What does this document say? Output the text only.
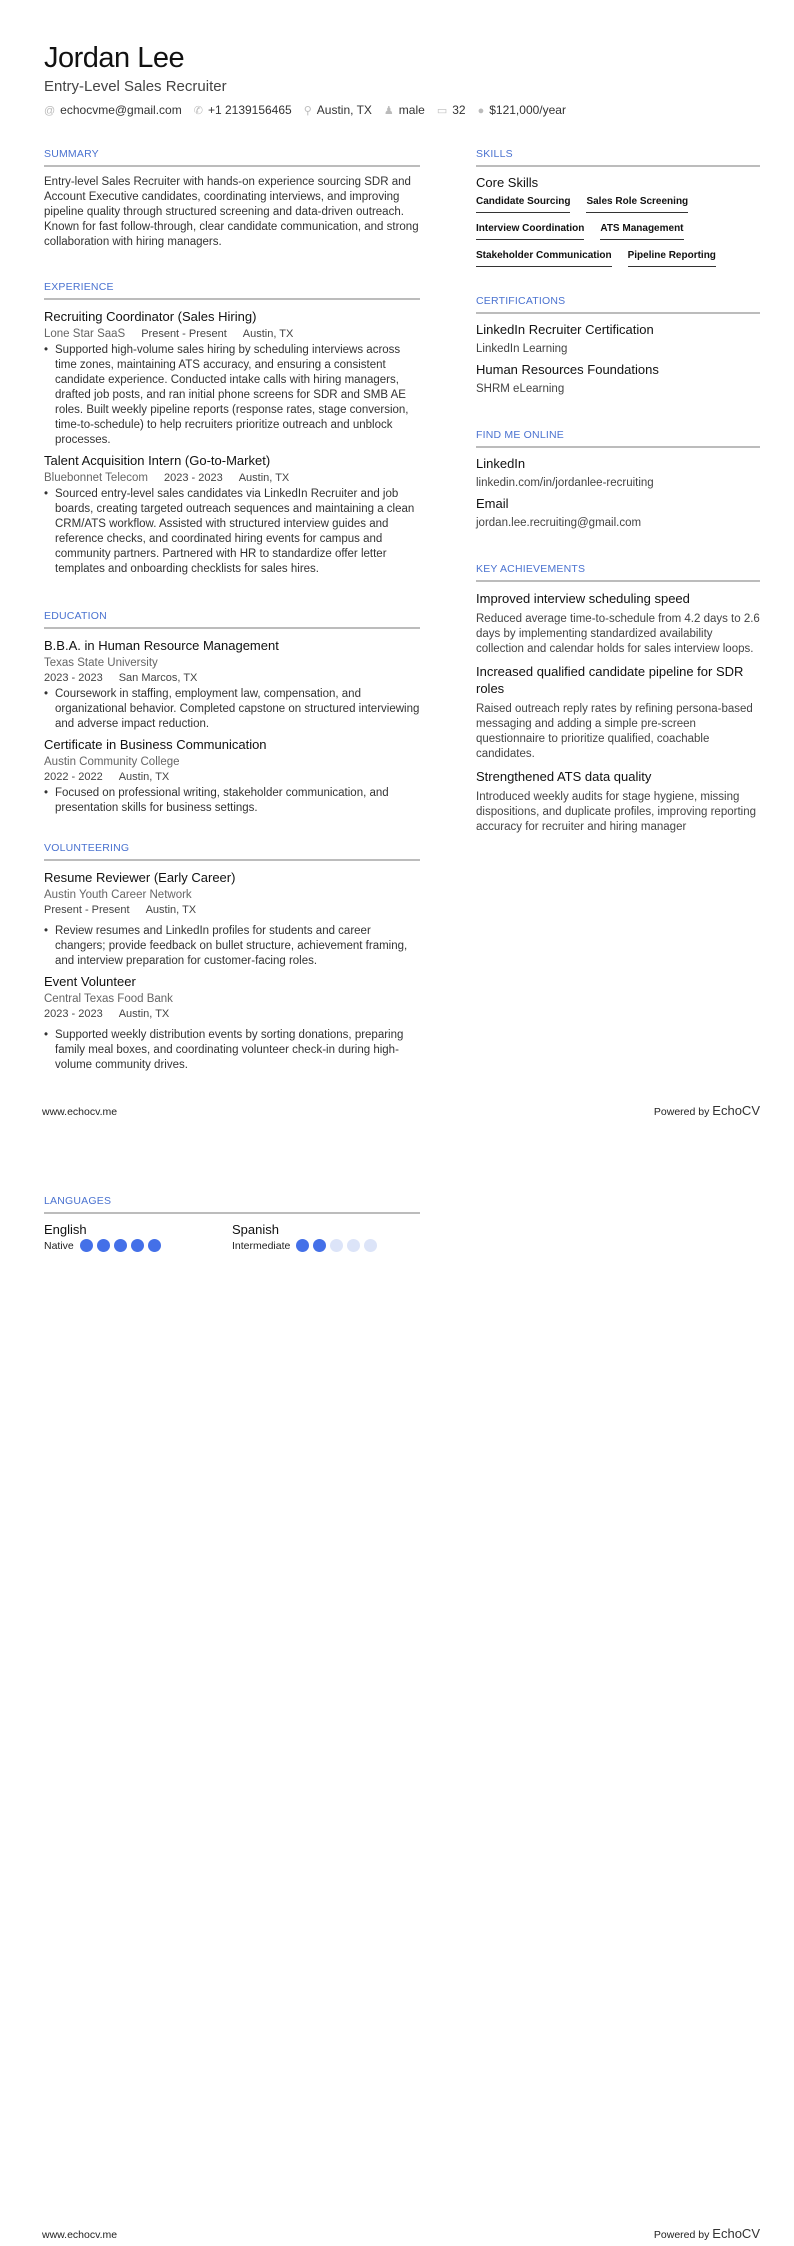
Jordan Lee
Entry-Level Sales Recruiter
@ echocvme@gmail.com ✆ +1 2139156465 ⚲ Austin, TX ♟ male ▭ 32 ● $121,000/year
SUMMARY
Entry-level Sales Recruiter with hands-on experience sourcing SDR and Account Executive candidates, coordinating interviews, and improving pipeline quality through structured screening and data-driven outreach. Known for fast follow-through, clear candidate communication, and strong collaboration with hiring managers.
EXPERIENCE
Recruiting Coordinator (Sales Hiring)
Lone Star SaaS Present - Present Austin, TX
• Supported high-volume sales hiring by scheduling interviews across time zones, maintaining ATS accuracy, and ensuring a consistent candidate experience. Conducted intake calls with hiring managers, drafted job posts, and ran initial phone screens for SDR and SMB AE roles. Built weekly pipeline reports (response rates, stage conversion, time-to-schedule) to help recruiters prioritize outreach and unblock processes.
Talent Acquisition Intern (Go-to-Market)
Bluebonnet Telecom 2023 - 2023 Austin, TX
• Sourced entry-level sales candidates via LinkedIn Recruiter and job boards, creating targeted outreach sequences and maintaining a clean CRM/ATS workflow. Assisted with structured interview guides and reference checks, and coordinated hiring events for campus and community partners. Partnered with HR to standardize offer letter templates and onboarding checklists for sales hires.
EDUCATION
B.B.A. in Human Resource Management
Texas State University
2023 - 2023 San Marcos, TX
• Coursework in staffing, employment law, compensation, and organizational behavior. Completed capstone on structured interviewing and adverse impact reduction.
Certificate in Business Communication
Austin Community College
2022 - 2022 Austin, TX
• Focused on professional writing, stakeholder communication, and presentation skills for business settings.
VOLUNTEERING
Resume Reviewer (Early Career)
Austin Youth Career Network
Present - Present Austin, TX
• Review resumes and LinkedIn profiles for students and career changers; provide feedback on bullet structure, achievement framing, and interview preparation for customer-facing roles.
Event Volunteer
Central Texas Food Bank
2023 - 2023 Austin, TX
• Supported weekly distribution events by sorting donations, preparing family meal boxes, and coordinating volunteer check-in during high-volume community drives.
SKILLS
Core Skills
Candidate Sourcing Sales Role Screening
Interview Coordination ATS Management
Stakeholder Communication Pipeline Reporting
CERTIFICATIONS
LinkedIn Recruiter Certification
LinkedIn Learning
Human Resources Foundations
SHRM eLearning
FIND ME ONLINE
LinkedIn
linkedin.com/in/jordanlee-recruiting
Email
jordan.lee.recruiting@gmail.com
KEY ACHIEVEMENTS
Improved interview scheduling speed
Reduced average time-to-schedule from 4.2 days to 2.6 days by implementing standardized availability collection and calendar holds for sales interview loops.
Increased qualified candidate pipeline for SDR roles
Raised outreach reply rates by refining persona-based messaging and adding a simple pre-screen questionnaire to prioritize qualified, coachable candidates.
Strengthened ATS data quality
Introduced weekly audits for stage hygiene, missing dispositions, and duplicate profiles, improving reporting accuracy for recruiter and hiring manager
www.echocv.me	Powered by EchoCV
LANGUAGES
English
Native
Spanish
Intermediate
www.echocv.me	Powered by EchoCV
